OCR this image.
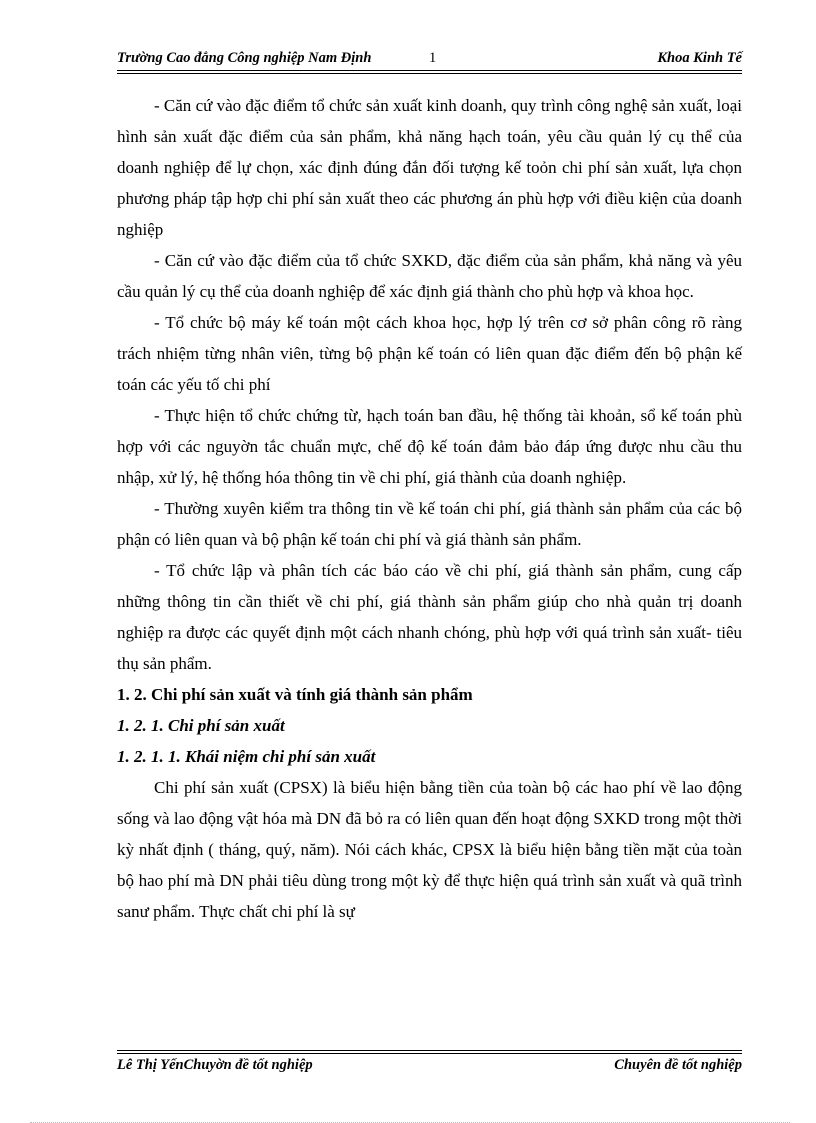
Trường Cao đẳng Công nghiệp Nam Định	1	Khoa Kinh Tế

- Căn cứ vào đặc điểm tổ chức sản xuất kinh doanh, quy trình công nghệ sản xuất, loại hình sản xuất đặc điểm của sản phẩm, khả năng hạch toán, yêu cầu quản lý cụ thể của doanh nghiệp để lự chọn, xác định đúng đắn đối tượng kế toỏn chi phí sản xuất, lựa chọn phương pháp tập hợp chi phí sản xuất theo các phương án phù hợp với điều kiện của doanh nghiệp

- Căn cứ vào đặc điểm của tổ chức SXKD, đặc điểm của sản phẩm, khả năng và yêu cầu quản lý cụ thể của doanh nghiệp để xác định giá thành cho phù hợp và khoa học.

- Tổ chức bộ máy kế toán một cách khoa học, hợp lý trên cơ sở phân công rõ ràng trách nhiệm từng nhân viên, từng bộ phận kế toán có liên quan đặc điểm đến bộ phận kế toán các yếu tố chi phí

- Thực hiện tổ chức chứng từ, hạch toán ban đầu, hệ thống tài khoản, sổ kế toán phù hợp với các nguyờn tắc chuẩn mực, chế độ kế toán đảm bảo đáp ứng được nhu cầu thu nhập, xử lý, hệ thống hóa thông tin về chi phí, giá thành của doanh nghiệp.

- Thường xuyên kiểm tra thông tin về kế toán chi phí, giá thành sản phẩm của các bộ phận có liên quan và bộ phận kế toán chi phí và giá thành sản phẩm.

- Tổ chức lập và phân tích các báo cáo về chi phí, giá thành sản phẩm, cung cấp những thông tin cần thiết về chi phí, giá thành sản phẩm giúp cho nhà quản trị doanh nghiệp ra được các quyết định một cách nhanh chóng, phù hợp với quá trình sản xuất- tiêu thụ sản phẩm.

1. 2. Chi phí sản xuất và tính giá thành sản phẩm

1. 2. 1. Chi phí sản xuất

1. 2. 1. 1. Khái niệm chi phí sản xuất

Chi phí sản xuất (CPSX) là biểu hiện bằng tiền của toàn bộ các hao phí về lao động sống và lao động vật hóa mà DN đã bỏ ra có liên quan đến hoạt động SXKD trong một thời kỳ nhất định ( tháng, quý, năm). Nói cách khác, CPSX là biểu hiện bằng tiền mặt của toàn bộ hao phí mà DN phải tiêu dùng trong một kỳ để thực hiện quá trình sản xuất và quã trình sanư phẩm. Thực chất chi phí là sự

Lê Thị YếnChuyờn đề tốt nghiệp	Chuyên đề tốt nghiệp
